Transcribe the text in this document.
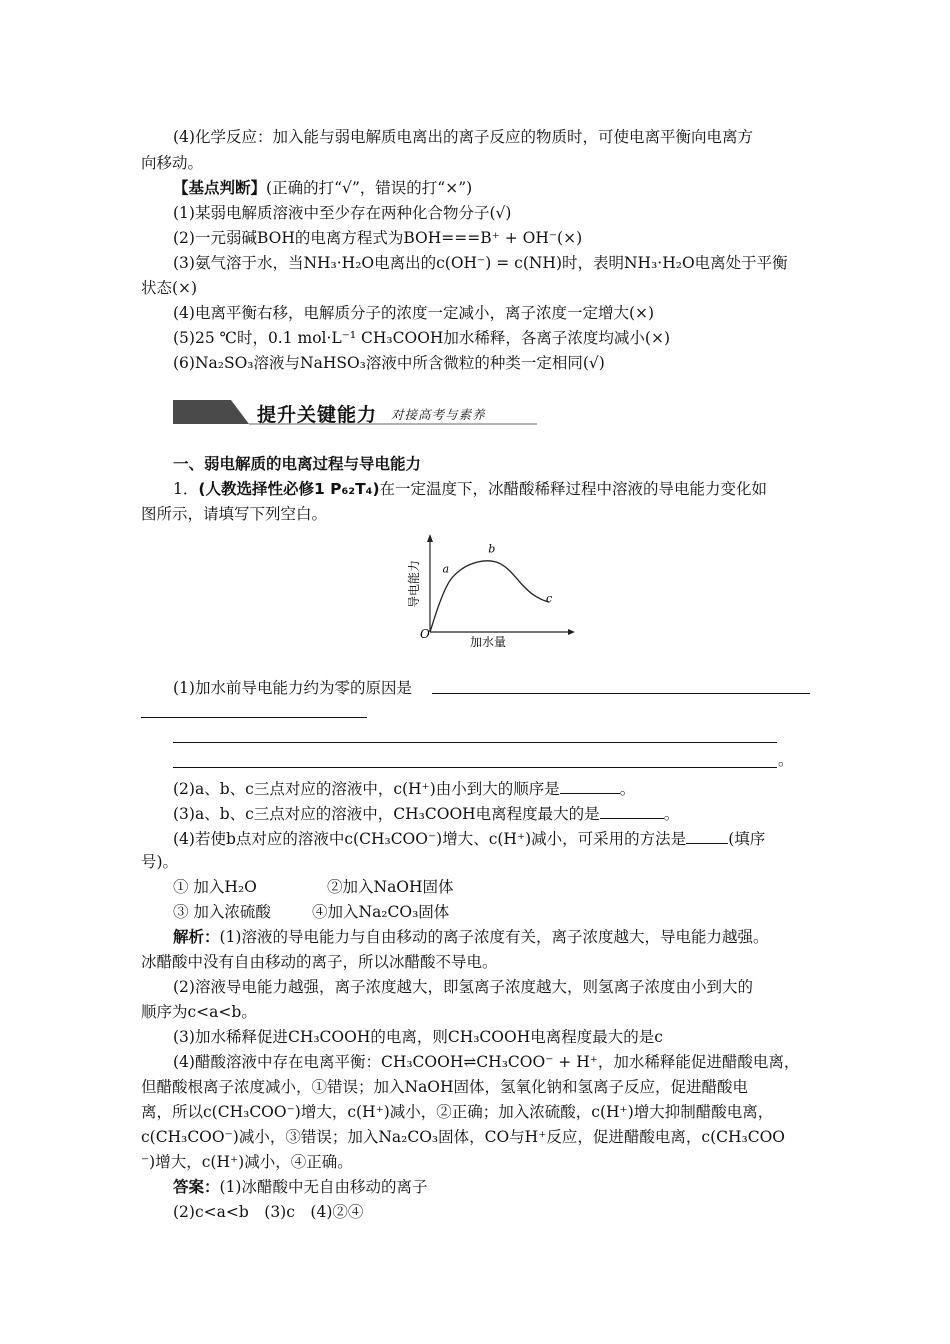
(4)化学反应：加入能与弱电解质电离出的离子反应的物质时，可使电离平衡向电离方
向移动。
【基点判断】(正确的打“√”，错误的打“×”)
(1)某弱电解质溶液中至少存在两种化合物分子(√)
(2)一元弱碱BOH的电离方程式为BOH===B⁺ + OH⁻(×)
(3)氨气溶于水，当NH₃·H₂O电离出的c(OH⁻) = c(NH)时，表明NH₃·H₂O电离处于平衡
状态(×)
(4)电离平衡右移，电解质分子的浓度一定减小，离子浓度一定增大(×)
(5)25 ℃时，0.1 mol·L⁻¹ CH₃COOH加水稀释，各离子浓度均减小(×)
(6)Na₂SO₃溶液与NaHSO₃溶液中所含微粒的种类一定相同(√)
提升关键能力 对接高考与素养
一、弱电解质的电离过程与导电能力
1．(人教选择性必修1 P₆₂T₄)在一定温度下，冰醋酸稀释过程中溶液的导电能力变化如
图所示，请填写下列空白。
a
b
c
O
加水量
导电能力
(1)加水前导电能力约为零的原因是
。
(2)a、b、c三点对应的溶液中，c(H⁺)由小到大的顺序是	。
(3)a、b、c三点对应的溶液中，CH₃COOH电离程度最大的是	。
(4)若使b点对应的溶液中c(CH₃COO⁻)增大、c(H⁺)减小，可采用的方法是	(填序
号)。
① 加入H₂O	②加入NaOH固体
③ 加入浓硫酸	④加入Na₂CO₃固体
解析：(1)溶液的导电能力与自由移动的离子浓度有关，离子浓度越大，导电能力越强。
冰醋酸中没有自由移动的离子，所以冰醋酸不导电。
(2)溶液导电能力越强，离子浓度越大，即氢离子浓度越大，则氢离子浓度由小到大的
顺序为c<a<b。
(3)加水稀释促进CH₃COOH的电离，则CH₃COOH电离程度最大的是c
(4)醋酸溶液中存在电离平衡：CH₃COOH⇌CH₃COO⁻ + H⁺，加水稀释能促进醋酸电离，
但醋酸根离子浓度减小，①错误；加入NaOH固体，氢氧化钠和氢离子反应，促进醋酸电
离，所以c(CH₃COO⁻)增大，c(H⁺)减小，②正确；加入浓硫酸，c(H⁺)增大抑制醋酸电离，
c(CH₃COO⁻)减小，③错误；加入Na₂CO₃固体，CO与H⁺反应，促进醋酸电离，c(CH₃COO
⁻)增大，c(H⁺)减小，④正确。
答案：(1)冰醋酸中无自由移动的离子
(2)c<a<b　(3)c　(4)②④
